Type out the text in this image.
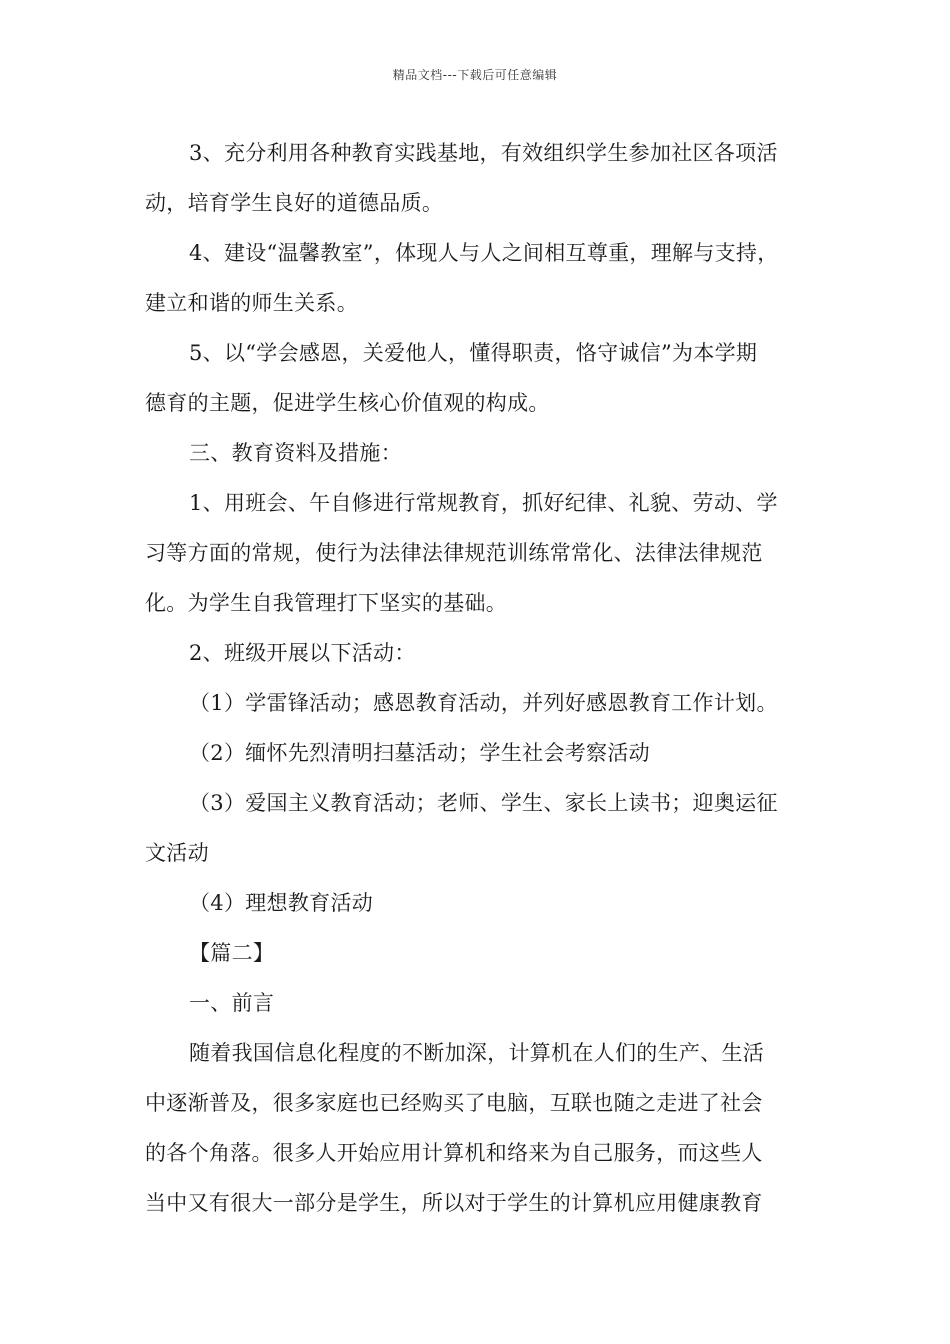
精品文档---下载后可任意编辑
3、充分利用各种教育实践基地，有效组织学生参加社区各项活
动，培育学生良好的道德品质。
4、建设“温馨教室”，体现人与人之间相互尊重，理解与支持，
建立和谐的师生关系。
5、以“学会感恩，关爱他人，懂得职责，恪守诚信”为本学期
德育的主题，促进学生核心价值观的构成。
三、教育资料及措施：
1、用班会、午自修进行常规教育，抓好纪律、礼貌、劳动、学
习等方面的常规，使行为法律法律规范训练常常化、法律法律规范
化。为学生自我管理打下坚实的基础。
2、班级开展以下活动：
（1）学雷锋活动；感恩教育活动，并列好感恩教育工作计划。
（2）缅怀先烈清明扫墓活动；学生社会考察活动
（3）爱国主义教育活动；老师、学生、家长上读书；迎奥运征
文活动
（4）理想教育活动
【篇二】
一、前言
随着我国信息化程度的不断加深，计算机在人们的生产、生活
中逐渐普及，很多家庭也已经购买了电脑，互联也随之走进了社会
的各个角落。很多人开始应用计算机和络来为自己服务，而这些人
当中又有很大一部分是学生，所以对于学生的计算机应用健康教育
